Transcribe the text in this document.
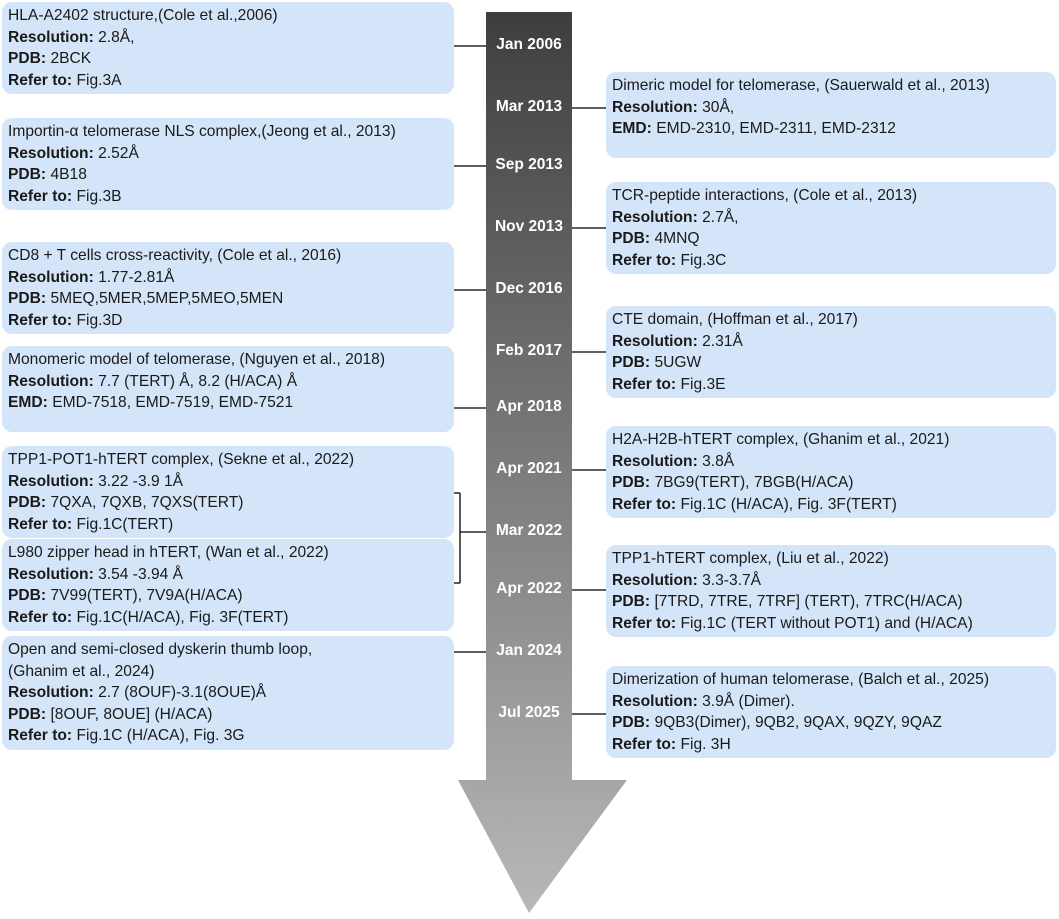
HLA-A2402 structure,(Cole et al.,2006)
Resolution: 2.8Å,
PDB: 2BCK
Refer to: Fig.3A	Dimeric model for telomerase, (Sauerwald et al., 2013)
Resolution: 30Å,
EMD: EMD-2310, EMD-2311, EMD-2312
Importin-α telomerase NLS complex,(Jeong et al., 2013)
Resolution: 2.52Å
PDB: 4B18
Refer to: Fig.3B	TCR-peptide interactions, (Cole et al., 2013)
Resolution: 2.7Å,
PDB: 4MNQ
Refer to: Fig.3C
CD8 + T cells cross-reactivity, (Cole et al., 2016)
Resolution: 1.77-2.81Å
PDB: 5MEQ,5MER,5MEP,5MEO,5MEN
Refer to: Fig.3D	CTE domain, (Hoffman et al., 2017)
Resolution: 2.31Å
PDB: 5UGW
Refer to: Fig.3E
Monomeric model of telomerase, (Nguyen et al., 2018)
Resolution: 7.7 (TERT) Å, 8.2 (H/ACA) Å
EMD: EMD-7518, EMD-7519, EMD-7521
H2A-H2B-hTERT complex, (Ghanim et al., 2021)
Resolution: 3.8Å
PDB: 7BG9(TERT), 7BGB(H/ACA)
Refer to: Fig.1C (H/ACA), Fig. 3F(TERT)
TPP1-POT1-hTERT complex, (Sekne et al., 2022)
Resolution: 3.22 -3.9 1Å
PDB: 7QXA, 7QXB, 7QXS(TERT)
Refer to: Fig.1C(TERT)
L980 zipper head in hTERT, (Wan et al., 2022)
Resolution: 3.54 -3.94 Å
PDB: 7V99(TERT), 7V9A(H/ACA)
Refer to: Fig.1C(H/ACA), Fig. 3F(TERT)
TPP1-hTERT complex, (Liu et al., 2022)
Resolution: 3.3-3.7Å
PDB: [7TRD, 7TRE, 7TRF] (TERT), 7TRC(H/ACA)
Refer to: Fig.1C (TERT without POT1) and (H/ACA)
Open and semi-closed dyskerin thumb loop,
(Ghanim et al., 2024)
Resolution: 2.7 (8OUF)-3.1(8OUE)Å
PDB: [8OUF, 8OUE] (H/ACA)
Refer to: Fig.1C (H/ACA), Fig. 3G
Dimerization of human telomerase, (Balch et al., 2025)
Resolution: 3.9Å (Dimer).
PDB: 9QB3(Dimer), 9QB2, 9QAX, 9QZY, 9QAZ
Refer to: Fig. 3H
Jan 2006
Mar 2013
Sep 2013
Nov 2013
Dec 2016
Feb 2017
Apr 2018
Apr 2021
Mar 2022
Apr 2022
Jan 2024
Jul 2025
